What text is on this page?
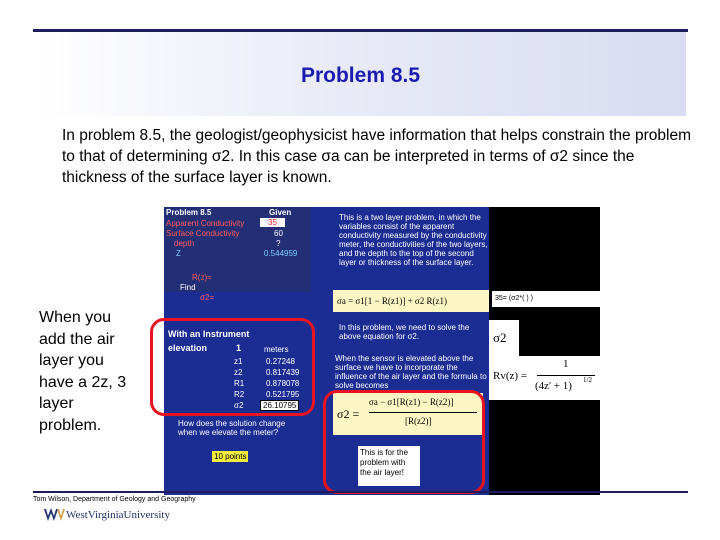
Problem 8.5
In problem 8.5, the geologist/geophysicist have information that helps constrain the problem to that of determining σ2. In this case σa can be interpreted in terms of σ2 since the thickness of the surface layer is known.
When you add the air layer you have a 2z, 3 layer problem.
Problem 8.5	Given
Apparent Conductivity	35
Surface Conductivity	60
depth	?
Z	0.544959
R(z)=
Find
σ2=
With an Instrument
elevation	1	meters
z1	0.27248
z2	0.817439
R1	0.878078
R2	0.521795
σ2	26.10795
How does the solution change when we elevate the meter?
10 points
This is a two layer problem, in which the variables consist of the apparent conductivity measured by the conductivity meter, the conductivities of the two layers, and the depth to the top of the second layer or thickness of the surface layer.
σa = σ1[1 − R(z1)] + σ2 R(z1)
In this problem, we need to solve the above equation for σ2.
When the sensor is elevated above the surface we have to incorporate the influence of the air layer and the formula to solve becomes
σ2 =
σa − σ1[R(z1) − R(z2)]
[R(z2)]
This is for the problem with the air layer!
35= (σ2*( ) )
σ2
Rv(z) =
1
(4z' + 1) 1/2
Tom Wilson, Department of Geology and Geography
WestVirginiaUniversity
